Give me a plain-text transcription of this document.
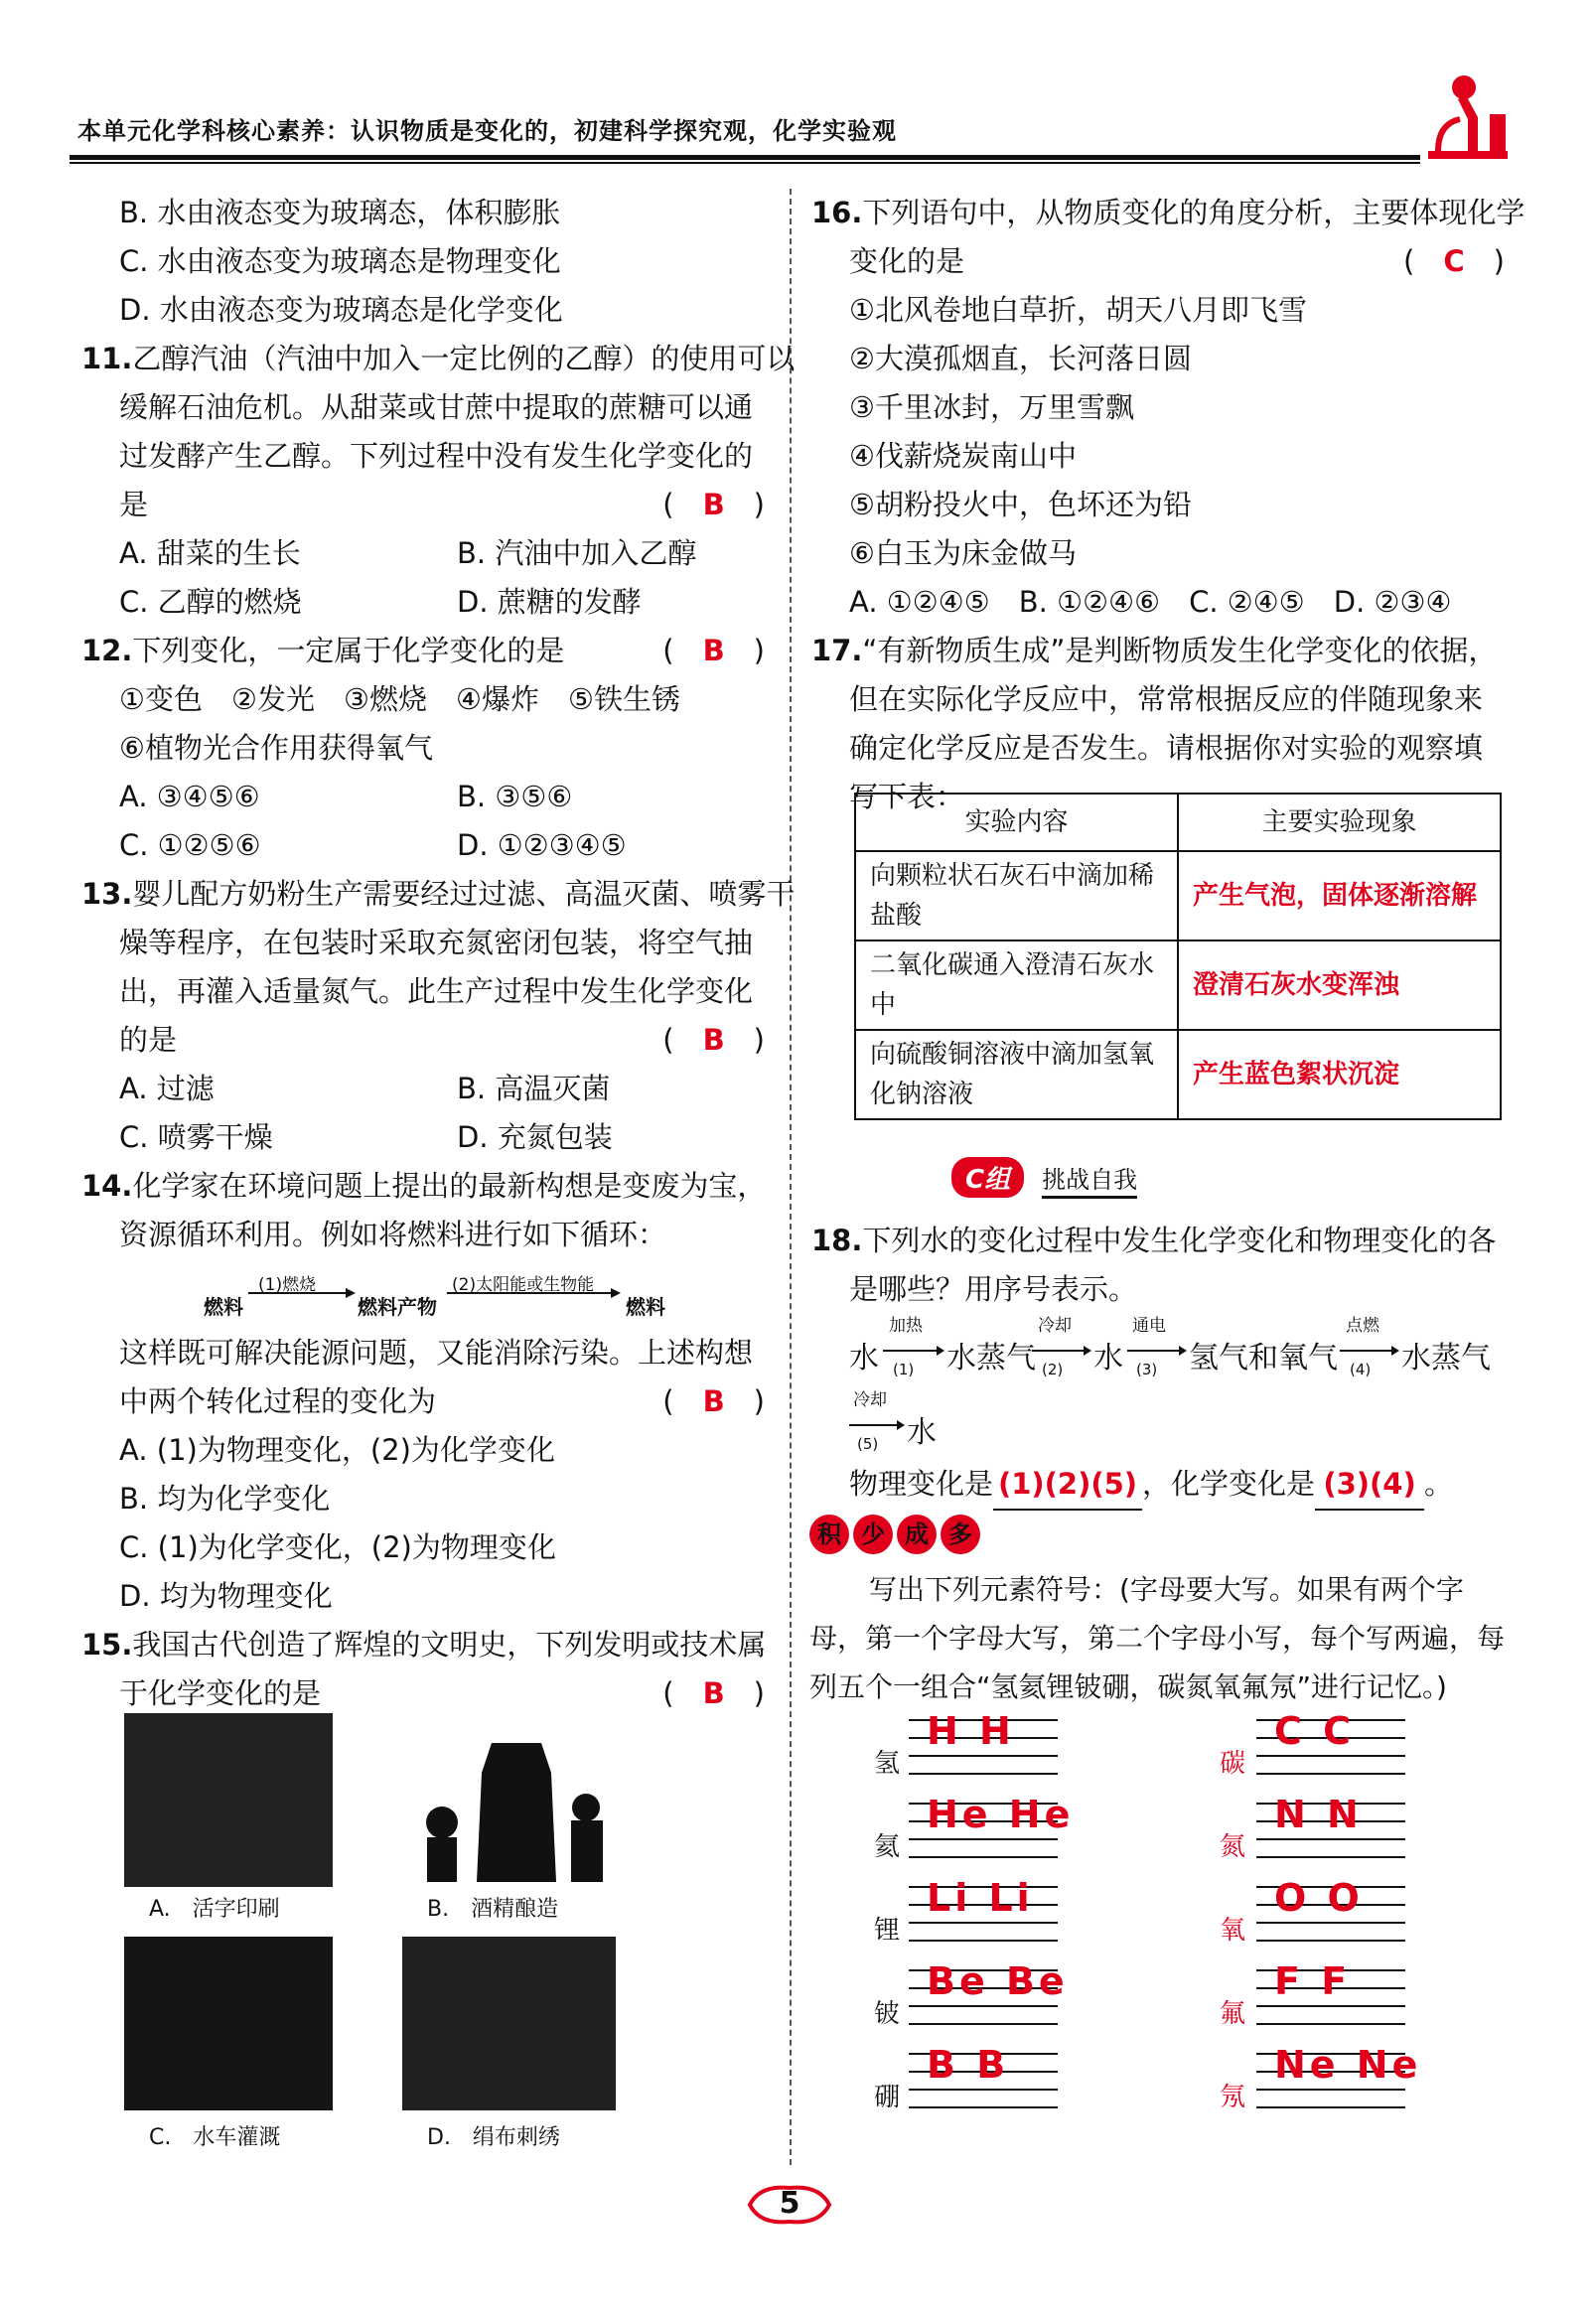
本单元化学科核心素养：认识物质是变化的，初建科学探究观，化学实验观
B. 水由液态变为玻璃态，体积膨胀
C. 水由液态变为玻璃态是物理变化
D. 水由液态变为玻璃态是化学变化
11.乙醇汽油（汽油中加入一定比例的乙醇）的使用可以
缓解石油危机。从甜菜或甘蔗中提取的蔗糖可以通
过发酵产生乙醇。下列过程中没有发生化学变化的
是	(　B　)
A. 甜菜的生长	B. 汽油中加入乙醇
C. 乙醇的燃烧	D. 蔗糖的发酵
12.下列变化，一定属于化学变化的是	(　B　)
①变色　②发光　③燃烧　④爆炸　⑤铁生锈
⑥植物光合作用获得氧气
A. ③④⑤⑥	B. ③⑤⑥
C. ①②⑤⑥	D. ①②③④⑤
13.婴儿配方奶粉生产需要经过过滤、高温灭菌、喷雾干
燥等程序，在包装时采取充氮密闭包装，将空气抽
出，再灌入适量氮气。此生产过程中发生化学变化
的是	(　B　)
A. 过滤	B. 高温灭菌
C. 喷雾干燥	D. 充氮包装
14.化学家在环境问题上提出的最新构想是变废为宝，
资源循环利用。例如将燃料进行如下循环：
燃料
(1)燃烧
燃料产物
(2)太阳能或生物能
燃料
这样既可解决能源问题，又能消除污染。上述构想
中两个转化过程的变化为	(　B　)
A. (1)为物理变化，(2)为化学变化
B. 均为化学变化
C. (1)为化学变化，(2)为物理变化
D. 均为物理变化
15.我国古代创造了辉煌的文明史，下列发明或技术属
于化学变化的是	(　B　)
A.　活字印刷	B.　酒精酿造
C.　水车灌溉	D.　绢布刺绣
16.下列语句中，从物质变化的角度分析，主要体现化学
变化的是	(　C　)
①北风卷地白草折，胡天八月即飞雪
②大漠孤烟直，长河落日圆
③千里冰封，万里雪飘
④伐薪烧炭南山中
⑤胡粉投火中，色坏还为铅
⑥白玉为床金做马
A. ①②④⑤　B. ①②④⑥　C. ②④⑤　D. ②③④
17.“有新物质生成”是判断物质发生化学变化的依据，
但在实际化学反应中，常常根据反应的伴随现象来
确定化学反应是否发生。请根据你对实验的观察填
写下表：
实验内容	主要实验现象
向颗粒状石灰石中滴加稀盐酸	产生气泡，固体逐渐溶解
二氧化碳通入澄清石灰水中	澄清石灰水变浑浊
向硫酸铜溶液中滴加氢氧化钠溶液	产生蓝色絮状沉淀
C组 挑战自我
18.下列水的变化过程中发生化学变化和物理变化的各
是哪些？用序号表示。
水
加热
(1) 水蒸气
冷却
(2) 水
通电
(3) 氢气和氧气
点燃
(4) 水蒸气
冷却
(5) 水
物理变化是 (1)(2)(5) ，化学变化是 (3)(4) 。
积 少 成 多
写出下列元素符号：(字母要大写。如果有两个字
母，第一个字母大写，第二个字母小写，每个写两遍，每
列五个一组合“氢氦锂铍硼，碳氮氧氟氖”进行记忆。)
氢
H H
氦
He He
锂
Li Li
铍
Be Be
硼
B B
碳
C C
氮
N N
氧
O O
氟
F F
氖
Ne Ne
5
